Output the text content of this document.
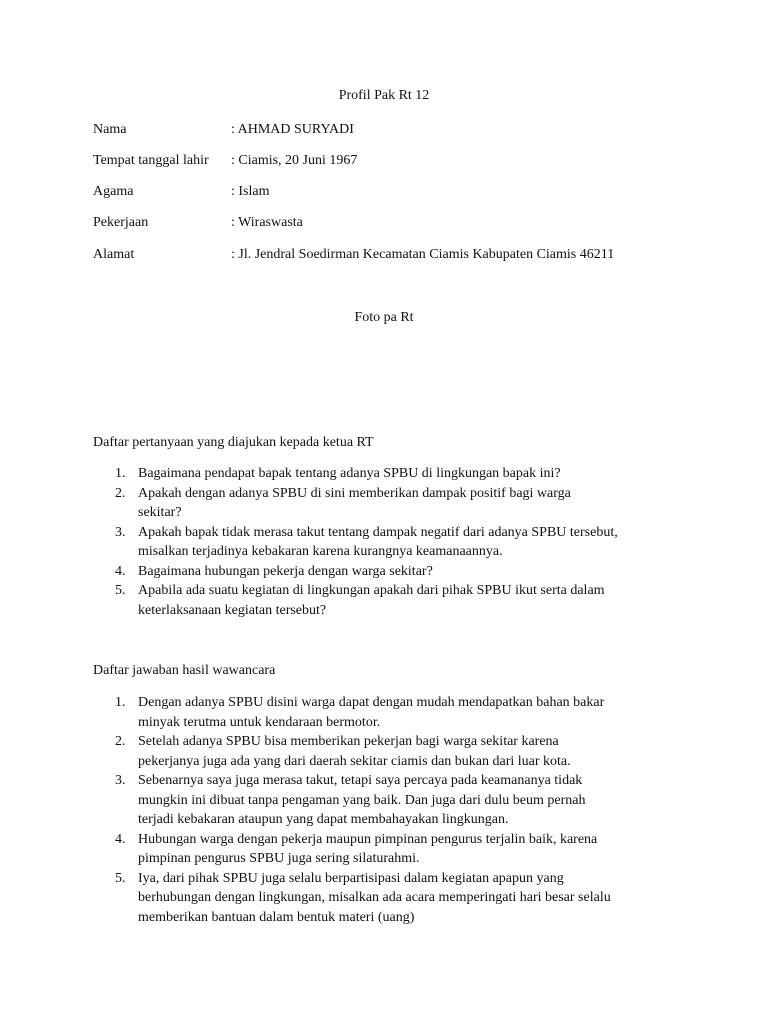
Profil Pak Rt 12
Nama	: AHMAD SURYADI
Tempat tanggal lahir : Ciamis, 20 Juni 1967
Agama	: Islam
Pekerjaan	: Wiraswasta
Alamat	: Jl. Jendral Soedirman Kecamatan Ciamis Kabupaten Ciamis 46211
Foto pa Rt
Daftar pertanyaan yang diajukan kepada ketua RT
1. Bagaimana pendapat bapak tentang adanya SPBU di lingkungan bapak ini?
2. Apakah dengan adanya SPBU di sini memberikan dampak positif bagi warga
sekitar?
3. Apakah bapak tidak merasa takut tentang dampak negatif dari adanya SPBU tersebut,
misalkan terjadinya kebakaran karena kurangnya keamanaannya.
4. Bagaimana hubungan pekerja dengan warga sekitar?
5. Apabila ada suatu kegiatan di lingkungan apakah dari pihak SPBU ikut serta dalam
keterlaksanaan kegiatan tersebut?
Daftar jawaban hasil wawancara
1. Dengan adanya SPBU disini warga dapat dengan mudah mendapatkan bahan bakar
minyak terutma untuk kendaraan bermotor.
2. Setelah adanya SPBU bisa memberikan pekerjan bagi warga sekitar karena
pekerjanya juga ada yang dari daerah sekitar ciamis dan bukan dari luar kota.
3. Sebenarnya saya juga merasa takut, tetapi saya percaya pada keamananya tidak
mungkin ini dibuat tanpa pengaman yang baik. Dan juga dari dulu beum pernah
terjadi kebakaran ataupun yang dapat membahayakan lingkungan.
4. Hubungan warga dengan pekerja maupun pimpinan pengurus terjalin baik, karena
pimpinan pengurus SPBU juga sering silaturahmi.
5. Iya, dari pihak SPBU juga selalu berpartisipasi dalam kegiatan apapun yang
berhubungan dengan lingkungan, misalkan ada acara memperingati hari besar selalu
memberikan bantuan dalam bentuk materi (uang)
